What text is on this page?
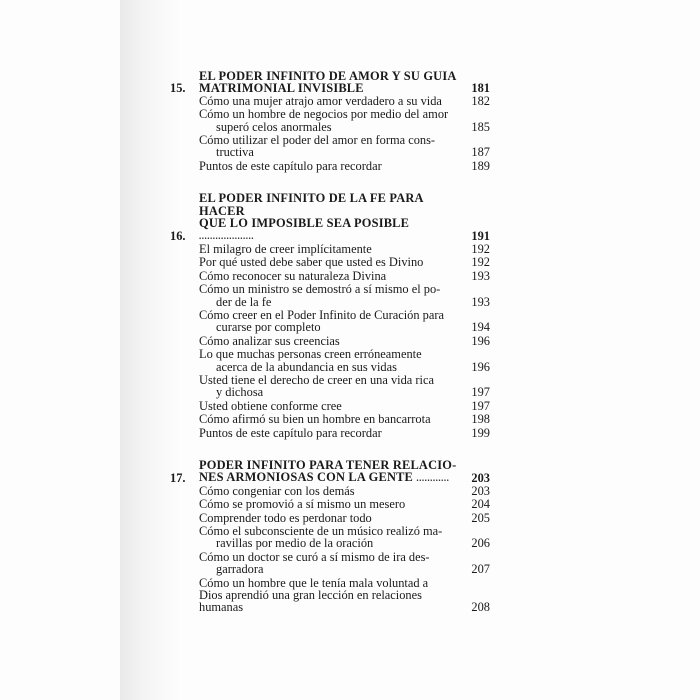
15.
EL PODER INFINITO DE AMOR Y SU GUIA
MATRIMONIAL INVISIBLE	181
Cómo una mujer atrajo amor verdadero a su vida	182
Cómo un hombre de negocios por medio del amor
superó celos anormales	185
Cómo utilizar el poder del amor en forma cons-
tructiva	187
Puntos de este capítulo para recordar	189
16.
EL PODER INFINITO DE LA FE PARA HACER
QUE LO IMPOSIBLE SEA POSIBLE ....................	191
El milagro de creer implícitamente	192
Por qué usted debe saber que usted es Divino	192
Cómo reconocer su naturaleza Divina	193
Cómo un ministro se demostró a sí mismo el po-
der de la fe	193
Cómo creer en el Poder Infinito de Curación para
curarse por completo	194
Cómo analizar sus creencias	196
Lo que muchas personas creen erróneamente
acerca de la abundancia en sus vidas	196
Usted tiene el derecho de creer en una vida rica
y dichosa	197
Usted obtiene conforme cree	197
Cómo afirmó su bien un hombre en bancarrota	198
Puntos de este capítulo para recordar	199
17.
PODER INFINITO PARA TENER RELACIO-
NES ARMONIOSAS CON LA GENTE ............	203
Cómo congeniar con los demás	203
Cómo se promovió a sí mismo un mesero	204
Comprender todo es perdonar todo	205
Cómo el subconsciente de un músico realizó ma-
ravillas por medio de la oración	206
Cómo un doctor se curó a sí mismo de ira des-
garradora	207
Cómo un hombre que le tenía mala voluntad a
Dios aprendió una gran lección en relaciones
humanas	208
